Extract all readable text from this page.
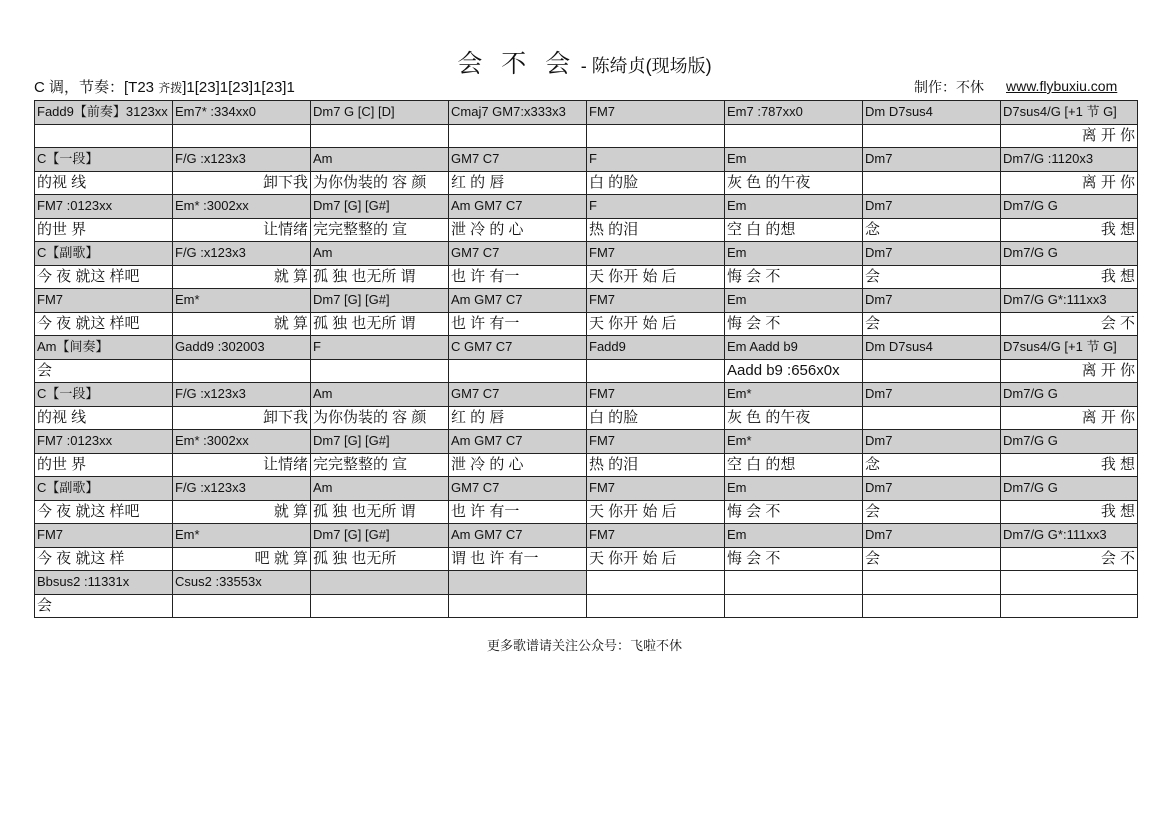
会 不 会 - 陈绮贞(现场版)
C 调，节奏：[T23 齐拨]1[23]1[23]1[23]1	制作：不休 www.flybuxiu.com
Fadd9【前奏】3123xx	Em7* :334xx0	Dm7 G [C] [D]	Cmaj7 GM7:x333x3	FM7	Em7 :787xx0	Dm D7sus4	D7sus4/G [+1 节 G]
							离 开 你
C【一段】	F/G :x123x3	Am	GM7 C7	F	Em	Dm7	Dm7/G :1120x3
的视 线	卸下我	为你伪装的 容 颜	红 的 唇	白 的脸	灰 色 的午夜		离 开 你
FM7 :0123xx	Em* :3002xx	Dm7 [G] [G#]	Am GM7 C7	F	Em	Dm7	Dm7/G G
的世 界	让情绪	完完整整的 宣	泄 冷 的 心	热 的泪	空 白 的想	念	我 想
C【副歌】	F/G :x123x3	Am	GM7 C7	FM7	Em	Dm7	Dm7/G G
今 夜 就这 样吧	就 算	孤 独 也无所 谓	也 许 有一	天 你开 始 后	悔 会 不	会	我 想
FM7	Em*	Dm7 [G] [G#]	Am GM7 C7	FM7	Em	Dm7	Dm7/G G*:111xx3
今 夜 就这 样吧	就 算	孤 独 也无所 谓	也 许 有一	天 你开 始 后	悔 会 不	会	会 不
Am【间奏】	Gadd9 :302003	F	C GM7 C7	Fadd9	Em Aadd b9	Dm D7sus4	D7sus4/G [+1 节 G]
会					Aadd b9 :656x0x		离 开 你
C【一段】	F/G :x123x3	Am	GM7 C7	FM7	Em*	Dm7	Dm7/G G
的视 线	卸下我	为你伪装的 容 颜	红 的 唇	白 的脸	灰 色 的午夜		离 开 你
FM7 :0123xx	Em* :3002xx	Dm7 [G] [G#]	Am GM7 C7	FM7	Em*	Dm7	Dm7/G G
的世 界	让情绪	完完整整的 宣	泄 冷 的 心	热 的泪	空 白 的想	念	我 想
C【副歌】	F/G :x123x3	Am	GM7 C7	FM7	Em	Dm7	Dm7/G G
今 夜 就这 样吧	就 算	孤 独 也无所 谓	也 许 有一	天 你开 始 后	悔 会 不	会	我 想
FM7	Em*	Dm7 [G] [G#]	Am GM7 C7	FM7	Em	Dm7	Dm7/G G*:111xx3
今 夜 就这 样	吧 就 算	孤 独 也无所	谓 也 许 有一	天 你开 始 后	悔 会 不	会	会 不
Bbsus2 :11331x	Csus2 :33553x						
会							
更多歌谱请关注公众号：飞啦不休
